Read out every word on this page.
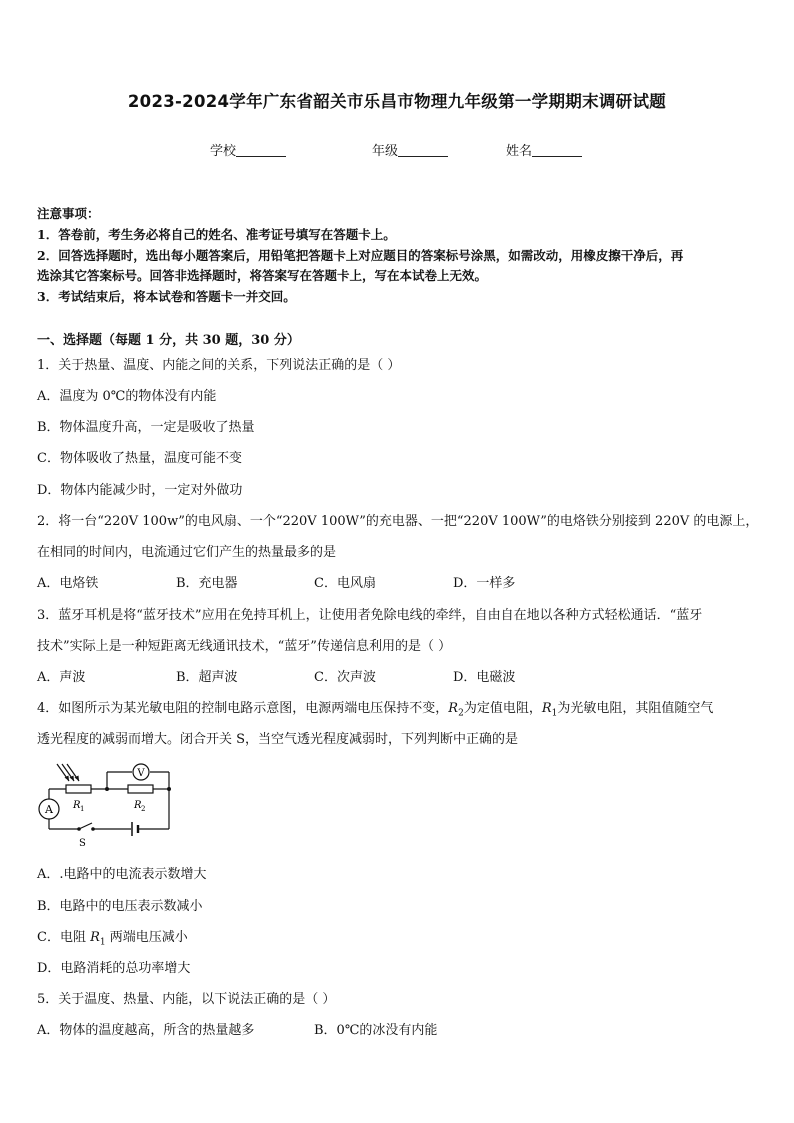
2023-2024学年广东省韶关市乐昌市物理九年级第一学期期末调研试题
学校	年级	姓名
注意事项：
1．答卷前，考生务必将自己的姓名、准考证号填写在答题卡上。
2．回答选择题时，选出每小题答案后，用铅笔把答题卡上对应题目的答案标号涂黑，如需改动，用橡皮擦干净后，再
选涂其它答案标号。回答非选择题时，将答案写在答题卡上，写在本试卷上无效。
3．考试结束后，将本试卷和答题卡一并交回。
一、选择题（每题 1 分，共 30 题，30 分）
1．关于热量、温度、内能之间的关系，下列说法正确的是（ ）
A．温度为 0℃的物体没有内能
B．物体温度升高，一定是吸收了热量
C．物体吸收了热量，温度可能不变
D．物体内能减少时，一定对外做功
2．将一台“220V 100w”的电风扇、一个“220V 100W”的充电器、一把“220V 100W”的电烙铁分别接到 220V 的电源上，
在相同的时间内，电流通过它们产生的热量最多的是
A．电烙铁	B．充电器	C．电风扇	D．一样多
3．蓝牙耳机是将“蓝牙技术”应用在免持耳机上，让使用者免除电线的牵绊，自由自在地以各种方式轻松通话．“蓝牙
技术”实际上是一种短距离无线通讯技术，“蓝牙”传递信息利用的是（ ）
A．声波	B．超声波	C．次声波	D．电磁波
4．如图所示为某光敏电阻的控制电路示意图，电源两端电压保持不变，$R_2$为定值电阻，$R_1$为光敏电阻，其阻值随空气
透光程度的减弱而增大。闭合开关 S，当空气透光程度减弱时，下列判断中正确的是
A
V
R 1	R 2
S
A．.电路中的电流表示数增大
B．电路中的电压表示数减小
C．电阻 $R_1$ 两端电压减小
D．电路消耗的总功率增大
5．关于温度、热量、内能，以下说法正确的是（ ）
A．物体的温度越高，所含的热量越多	B．0℃的冰没有内能
